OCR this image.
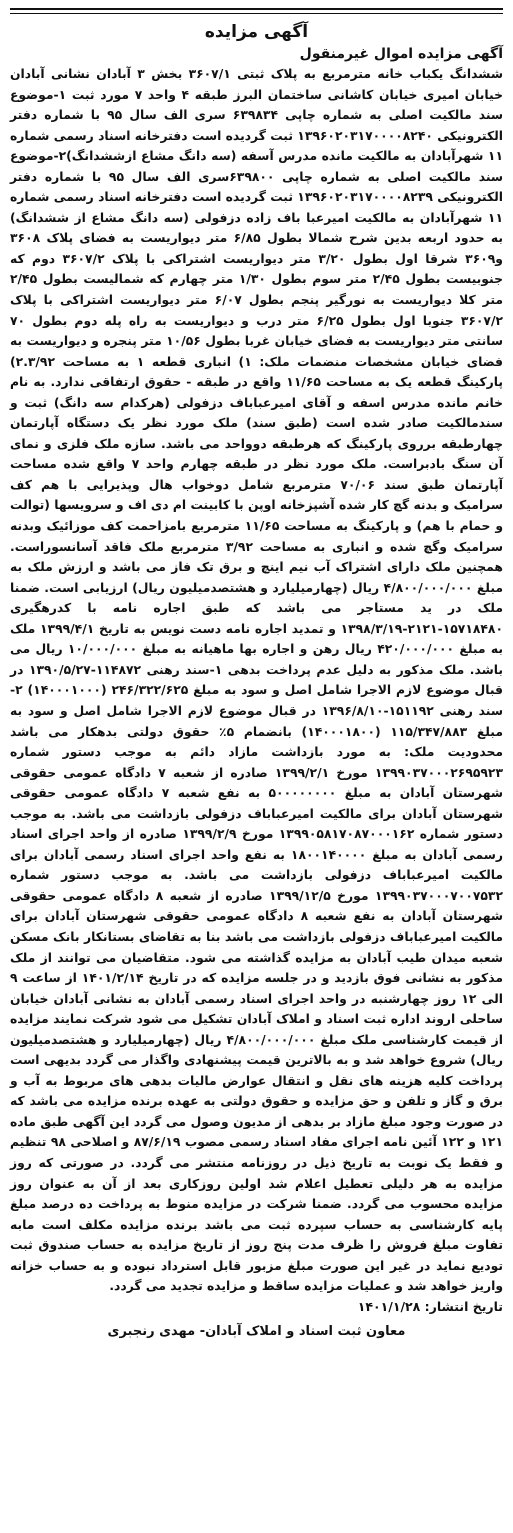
آگهی مزایده
آگهی مزایده اموال غیرمنقول

ششدانگ یکباب خانه مترمربع به پلاک ثبتی ۳۶۰۷/۱ بخش ۳ آبادان نشانی آبادان خیابان امیری خیابان کاشانی ساختمان البرز طبقه ۴ واحد ۷ مورد ثبت ۱-موضوع سند مالکیت اصلی به شماره چاپی ۶۳۹۸۳۴ سری الف سال ۹۵ با شماره دفتر الکترونیکی ۱۳۹۶۰۲۰۳۱۷۰۰۰۰۸۲۴۰ ثبت گردیده است دفترخانه اسناد رسمی شماره ۱۱ شهرآبادان به مالکیت مانده مدرس آسفه (سه دانگ مشاع ازششدانگ)۲-موضوع سند مالکیت اصلی به شماره چاپی ۶۳۹۸۰۰سری الف سال ۹۵ با شماره دفتر الکترونیکی ۱۳۹۶۰۲۰۳۱۷۰۰۰۰۸۲۳۹ ثبت گردیده است دفترخانه اسناد رسمی شماره ۱۱ شهرآبادان به مالکیت امیرعبا باف زاده دزفولی (سه دانگ مشاع از ششدانگ) به حدود اربعه بدین شرح شمالا بطول ۶/۸۵ متر دیواریست به فضای پلاک ۳۶۰۸ و۳۶۰۹ شرقا اول بطول ۳/۲۰ متر دیواریست اشتراکی با پلاک ۳۶۰۷/۲ دوم که جنوبیست بطول ۲/۴۵ متر سوم بطول ۱/۳۰ متر چهارم که شمالیست بطول ۲/۴۵ متر کلا دیواریست به نورگیر پنجم بطول ۶/۰۷ متر دیواریست اشتراکی با پلاک ۳۶۰۷/۲ جنوبا اول بطول ۶/۲۵ متر درب و دیواریست به راه پله دوم بطول ۷۰ سانتی متر دیواریست به فضای خیابان غربا بطول ۱۰/۵۶ متر پنجره و دیواریست به فضای خیابان مشخصات منضمات ملک: ۱) انباری قطعه ۱ به مساحت ۲.۳/۹۲) پارکینگ قطعه یک به مساحت ۱۱/۶۵ واقع در طبقه - حقوق ارتفاقی ندارد. به نام خانم مانده مدرس اسفه و آقای امیرعباباف دزفولی (هرکدام سه دانگ) ثبت و سندمالکیت صادر شده است (طبق سند) ملک مورد نظر یک دستگاه آپارتمان چهارطبقه برروی پارکینگ که هرطبقه دوواحد می باشد. سازه ملک فلزی و نمای آن سنگ بادبراست. ملک مورد نظر در طبقه چهارم واحد ۷ واقع شده مساحت آپارتمان طبق سند ۷۰/۰۶ مترمربع شامل دوخواب هال وپذیرایی با هم کف سرامیک و بدنه گچ کار شده آشپزخانه اوپن با کابینت ام دی اف و سرویسها (توالت و حمام با هم) و پارکینگ به مساحت ۱۱/۶۵ مترمربع بامزاحمت کف موزائیک وبدنه سرامیک وگچ شده و انباری به مساحت ۳/۹۲ مترمربع ملک فاقد آسانسوراست. همچنین ملک دارای اشتراک آب نیم اینچ و برق تک فاز می باشد و ارزش ملک به مبلغ ۴/۸۰۰/۰۰۰/۰۰۰ ریال (چهارمیلیارد و هشتصدمیلیون ریال) ارزیابی است. ضمنا ملک در ید مستاجر می باشد که طبق اجاره نامه با کدرهگیری ۱۵۷۱۸۴۸۰-۲۱۲۱-۱۳۹۸/۳/۱۹ و تمدید اجاره نامه دست نویس به تاریخ ۱۳۹۹/۴/۱ ملک به مبلغ ۴۲۰/۰۰۰/۰۰۰ ریال رهن و اجاره بها ماهیانه به مبلغ ۱۰/۰۰۰/۰۰۰ ریال می باشد. ملک مذکور به دلیل عدم پرداخت بدهی ۱-سند رهنی ۱۱۴۸۷۲-۱۳۹۰/۵/۲۷ در قبال موضوع لازم الاجرا شامل اصل و سود به مبلغ ۲۴۶/۳۲۲/۶۲۵ (۱۴۰۰۰۱۰۰۰) ۲-سند رهنی ۱۵۱۱۹۲-۱۳۹۶/۸/۱۰ در قبال موضوع لازم الاجرا شامل اصل و سود به مبلغ ۱۱۵/۳۴۷/۸۸۳ (۱۴۰۰۰۱۸۰۰) بانضمام ۵٪ حقوق دولتی بدهکار می باشد محدودیت ملک: به مورد بازداشت مازاد دائم به موجب دستور شماره ۱۳۹۹۰۳۷۰۰۰۲۶۹۵۹۲۳ مورخ ۱۳۹۹/۲/۱ صادره از شعبه ۷ دادگاه عمومی حقوقی شهرستان آبادان به مبلغ ۵۰۰۰۰۰۰۰۰ به نفع شعبه ۷ دادگاه عمومی حقوقی شهرستان آبادان برای مالکیت امیرعباباف دزفولی بازداشت می باشد. به موجب دستور شماره ۱۳۹۹۰۵۸۱۷۰۸۷۰۰۰۱۶۲ مورخ ۱۳۹۹/۲/۹ صادره از واحد اجرای اسناد رسمی آبادان به مبلغ ۱۸۰۰۱۴۰۰۰۰ به نفع واحد اجرای اسناد رسمی آبادان برای مالکیت امیرعباباف دزفولی بازداشت می باشد. به موجب دستور شماره ۱۳۹۹۰۳۷۰۰۰۷۰۰۷۵۳۲ مورخ ۱۳۹۹/۱۲/۵ صادره از شعبه ۸ دادگاه عمومی حقوقی شهرستان آبادان به نفع شعبه ۸ دادگاه عمومی حقوقی شهرستان آبادان برای مالکیت امیرعباباف دزفولی بازداشت می باشد بنا به تقاضای بستانکار بانک مسکن شعبه میدان طیب آبادان به مزایده گذاشته می شود. متقاضیان می توانند از ملک مذکور به نشانی فوق بازدید و در جلسه مزایده که در تاریخ ۱۴۰۱/۲/۱۴ از ساعت ۹ الی ۱۲ روز چهارشنبه در واحد اجرای اسناد رسمی آبادان به نشانی آبادان خیابان ساحلی اروند اداره ثبت اسناد و املاک آبادان تشکیل می شود شرکت نمایند مزایده از قیمت کارشناسی ملک مبلغ ۴/۸۰۰/۰۰۰/۰۰۰ ریال (چهارمیلیارد و هشتصدمیلیون ریال) شروع خواهد شد و به بالاترین قیمت پیشنهادی واگذار می گردد بدیهی است پرداخت کلیه هزینه های نقل و انتقال عوارض مالیات بدهی های مربوط به آب و برق و گاز و تلفن و حق مزایده و حقوق دولتی به عهده برنده مزایده می باشد که در صورت وجود مبلغ مازاد بر بدهی از مدیون وصول می گردد این آگهی طبق ماده ۱۲۱ و ۱۲۲ آئین نامه اجرای مفاد اسناد رسمی مصوب ۸۷/۶/۱۹ و اصلاحی ۹۸ تنظیم و فقط یک نوبت به تاریخ ذیل در روزنامه منتشر می گردد. در صورتی که روز مزایده به هر دلیلی تعطیل اعلام شد اولین روزکاری بعد از آن به عنوان روز مزایده محسوب می گردد. ضمنا شرکت در مزایده منوط به پرداخت ده درصد مبلغ پایه کارشناسی به حساب سپرده ثبت می باشد برنده مزایده مکلف است مابه تفاوت مبلغ فروش را ظرف مدت پنج روز از تاریخ مزایده به حساب صندوق ثبت تودیع نماید در غیر این صورت مبلغ مزبور قابل استرداد نبوده و به حساب خزانه واریز خواهد شد و عملیات مزایده ساقط و مزایده تجدید می گردد.

تاریخ انتشار: ۱۴۰۱/۱/۲۸
معاون ثبت اسناد و املاک آبادان- مهدی رنجبری
